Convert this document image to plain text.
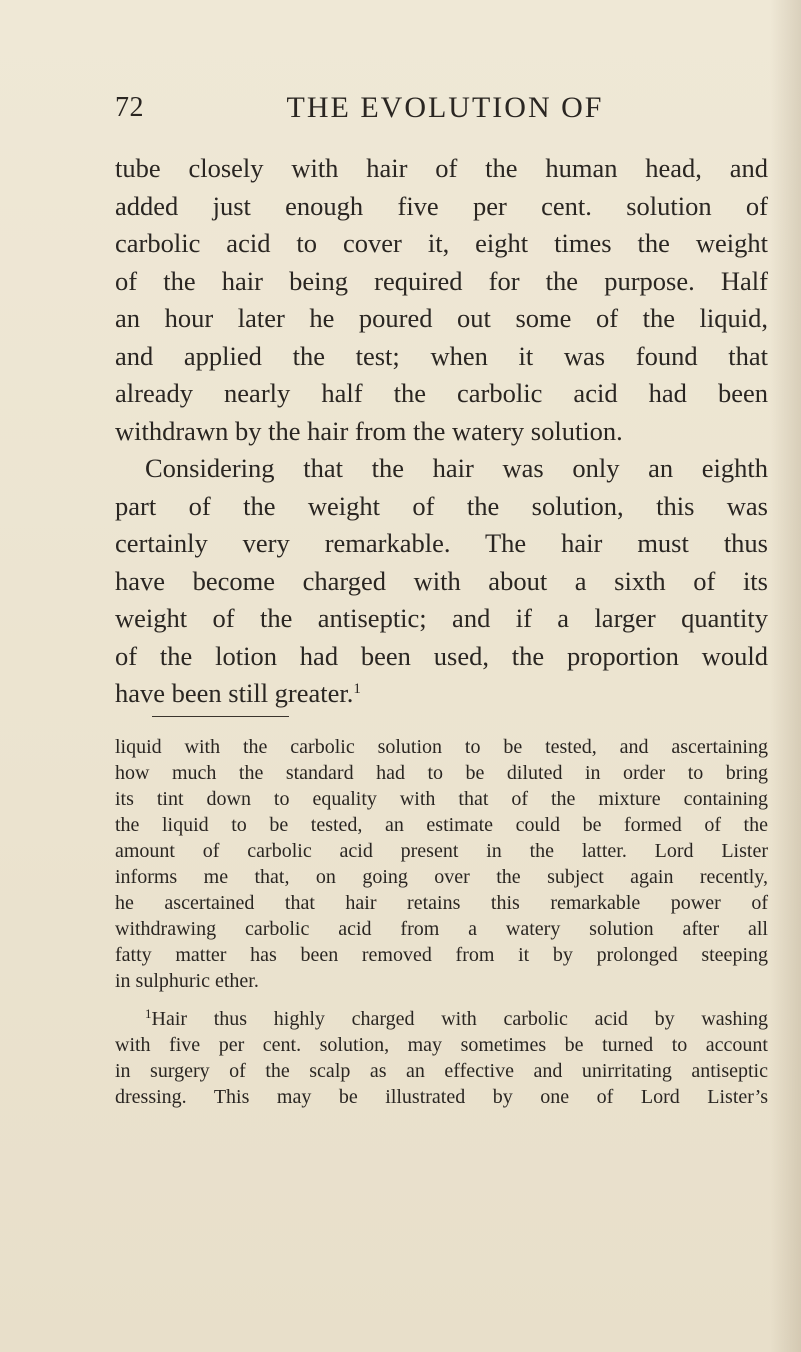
72	THE EVOLUTION OF
tube closely with hair of the human head, and
added just enough five per cent. solution of
carbolic acid to cover it, eight times the weight
of the hair being required for the purpose. Half
an hour later he poured out some of the liquid,
and applied the test; when it was found that
already nearly half the carbolic acid had been
withdrawn by the hair from the watery solution.
Considering that the hair was only an eighth
part of the weight of the solution, this was
certainly very remarkable. The hair must thus
have become charged with about a sixth of its
weight of the antiseptic; and if a larger quantity
of the lotion had been used, the proportion would
have been still greater.$^1$
liquid with the carbolic solution to be tested, and ascertaining
how much the standard had to be diluted in order to bring
its tint down to equality with that of the mixture containing
the liquid to be tested, an estimate could be formed of the
amount of carbolic acid present in the latter. Lord Lister
informs me that, on going over the subject again recently,
he ascertained that hair retains this remarkable power of
withdrawing carbolic acid from a watery solution after all
fatty matter has been removed from it by prolonged steeping
in sulphuric ether.
$^1$Hair thus highly charged with carbolic acid by washing
with five per cent. solution, may sometimes be turned to account
in surgery of the scalp as an effective and unirritating antiseptic
dressing. This may be illustrated by one of Lord Lister’s
